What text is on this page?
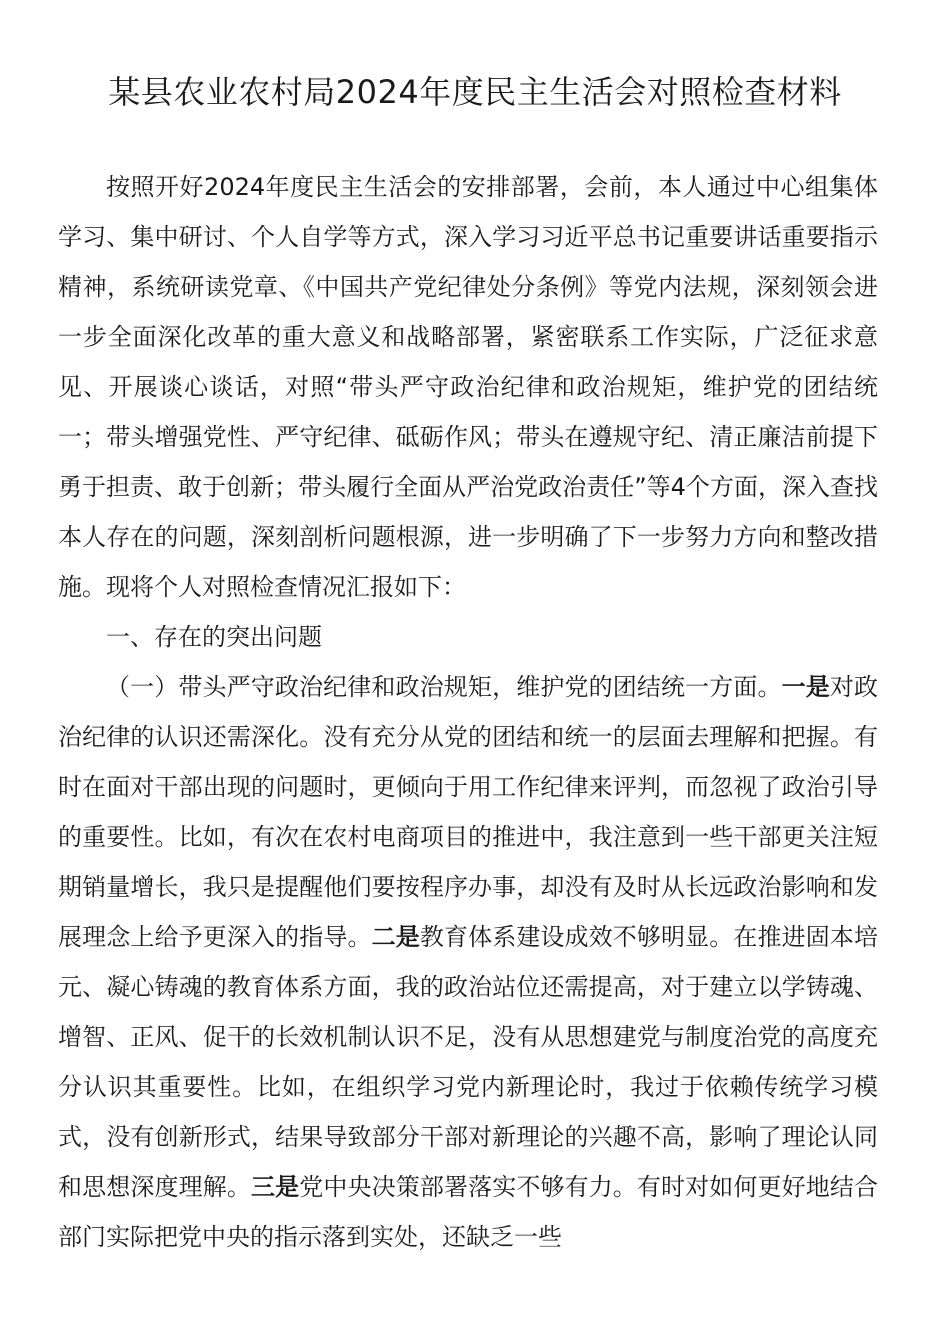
某县农业农村局2024年度民主生活会对照检查材料

按照开好2024年度民主生活会的安排部署，会前，本人通过中心组集体学习、集中研讨、个人自学等方式，深入学习习近平总书记重要讲话重要指示精神，系统研读党章、《中国共产党纪律处分条例》等党内法规，深刻领会进一步全面深化改革的重大意义和战略部署，紧密联系工作实际，广泛征求意见、开展谈心谈话，对照“带头严守政治纪律和政治规矩，维护党的团结统一；带头增强党性、严守纪律、砥砺作风；带头在遵规守纪、清正廉洁前提下勇于担责、敢于创新；带头履行全面从严治党政治责任”等4个方面，深入查找本人存在的问题，深刻剖析问题根源，进一步明确了下一步努力方向和整改措施。现将个人对照检查情况汇报如下：

一、存在的突出问题

（一）带头严守政治纪律和政治规矩，维护党的团结统一方面。一是对政治纪律的认识还需深化。没有充分从党的团结和统一的层面去理解和把握。有时在面对干部出现的问题时，更倾向于用工作纪律来评判，而忽视了政治引导的重要性。比如，有次在农村电商项目的推进中，我注意到一些干部更关注短期销量增长，我只是提醒他们要按程序办事，却没有及时从长远政治影响和发展理念上给予更深入的指导。二是教育体系建设成效不够明显。在推进固本培元、凝心铸魂的教育体系方面，我的政治站位还需提高，对于建立以学铸魂、增智、正风、促干的长效机制认识不足，没有从思想建党与制度治党的高度充分认识其重要性。比如，在组织学习党内新理论时，我过于依赖传统学习模式，没有创新形式，结果导致部分干部对新理论的兴趣不高，影响了理论认同和思想深度理解。三是党中央决策部署落实不够有力。有时对如何更好地结合部门实际把党中央的指示落到实处，还缺乏一些
